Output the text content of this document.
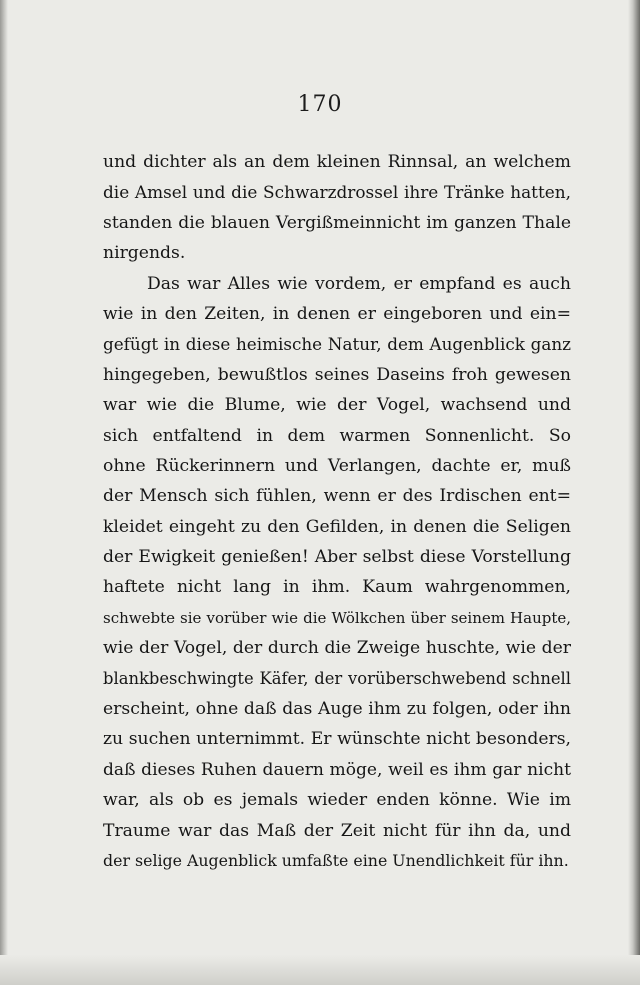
170
und dichter als an dem kleinen Rinnsal, an welchem
die Amsel und die Schwarzdrossel ihre Tränke hatten,
standen die blauen Vergißmeinnicht im ganzen Thale
nirgends.
Das war Alles wie vordem, er empfand es auch
wie in den Zeiten, in denen er eingeboren und ein=
gefügt in diese heimische Natur, dem Augenblick ganz
hingegeben, bewußtlos seines Daseins froh gewesen
war wie die Blume, wie der Vogel, wachsend und
sich entfaltend in dem warmen Sonnenlicht. So
ohne Rückerinnern und Verlangen, dachte er, muß
der Mensch sich fühlen, wenn er des Irdischen ent=
kleidet eingeht zu den Gefilden, in denen die Seligen
der Ewigkeit genießen! Aber selbst diese Vorstellung
haftete nicht lang in ihm. Kaum wahrgenommen,
schwebte sie vorüber wie die Wölkchen über seinem Haupte,
wie der Vogel, der durch die Zweige huschte, wie der
blankbeschwingte Käfer, der vorüberschwebend schnell
erscheint, ohne daß das Auge ihm zu folgen, oder ihn
zu suchen unternimmt. Er wünschte nicht besonders,
daß dieses Ruhen dauern möge, weil es ihm gar nicht
war, als ob es jemals wieder enden könne. Wie im
Traume war das Maß der Zeit nicht für ihn da, und
der selige Augenblick umfaßte eine Unendlichkeit für ihn.
